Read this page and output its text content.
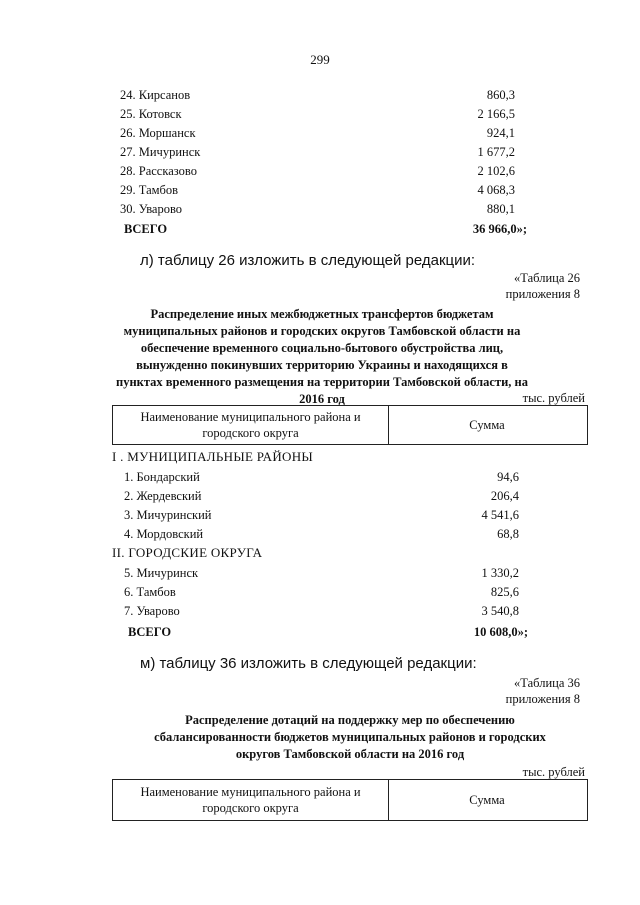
299
24. Кирсанов	860,3
25. Котовск	2 166,5
26. Моршанск	924,1
27. Мичуринск	1 677,2
28. Рассказово	2 102,6
29. Тамбов	4 068,3
30. Уварово	880,1
ВСЕГО	36 966,0»;
л) таблицу 26 изложить в следующей редакции:
«Таблица 26
приложения 8
Распределение иных межбюджетных трансфертов бюджетам муниципальных районов и городских округов Тамбовской области на обеспечение временного социально-бытового обустройства лиц, вынужденно покинувших территорию Украины и находящихся в пунктах временного размещения на территории Тамбовской области, на 2016 год	тыс. рублей
Наименование муниципального района и городского округа
Сумма
I . МУНИЦИПАЛЬНЫЕ РАЙОНЫ
1. Бондарский	94,6
2. Жердевский	206,4
3. Мичуринский	4 541,6
4. Мордовский	68,8
II. ГОРОДСКИЕ ОКРУГА
5. Мичуринск	1 330,2
6. Тамбов	825,6
7. Уварово	3 540,8
ВСЕГО	10 608,0»;
м) таблицу 36 изложить в следующей редакции:
«Таблица 36
приложения 8
Распределение дотаций на поддержку мер по обеспечению сбалансированности бюджетов муниципальных районов и городских округов Тамбовской области на 2016 год
тыс. рублей
Наименование муниципального района и городского округа
Сумма
